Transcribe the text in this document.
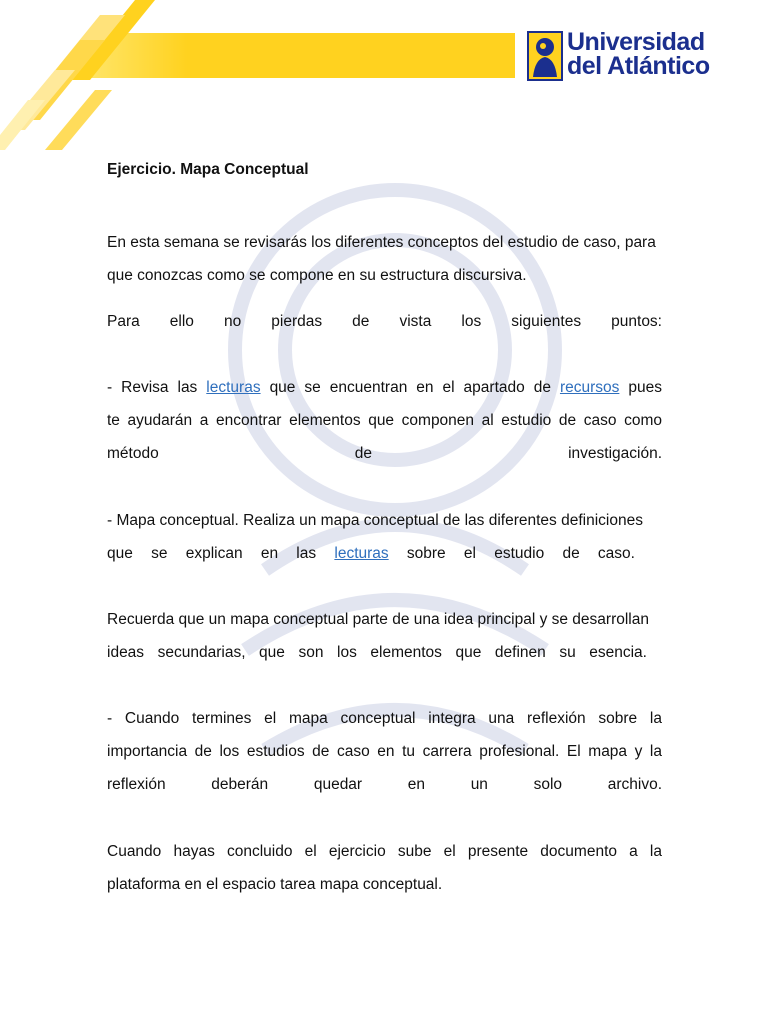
Universidad
del Atlántico

Ejercicio. Mapa Conceptual

En esta semana se revisarás los diferentes conceptos del estudio de caso, para

que conozcas como se compone en su estructura discursiva.

Para ello no pierdas de vista los siguientes puntos:

- Revisa las lecturas que se encuentran en el apartado de recursos pues

te ayudarán a encontrar elementos que componen al estudio de caso como

método de investigación.

- Mapa conceptual. Realiza un mapa conceptual de las diferentes definiciones

que se explican en las lecturas sobre el estudio de caso.

Recuerda que un mapa conceptual parte de una idea principal y se desarrollan

ideas secundarias, que son los elementos que definen su esencia.

- Cuando termines el mapa conceptual integra una reflexión sobre la

importancia de los estudios de caso en tu carrera profesional. El mapa y la

reflexión deberán quedar en un solo archivo.

Cuando hayas concluido el ejercicio sube el presente documento a la

plataforma en el espacio tarea mapa conceptual.
